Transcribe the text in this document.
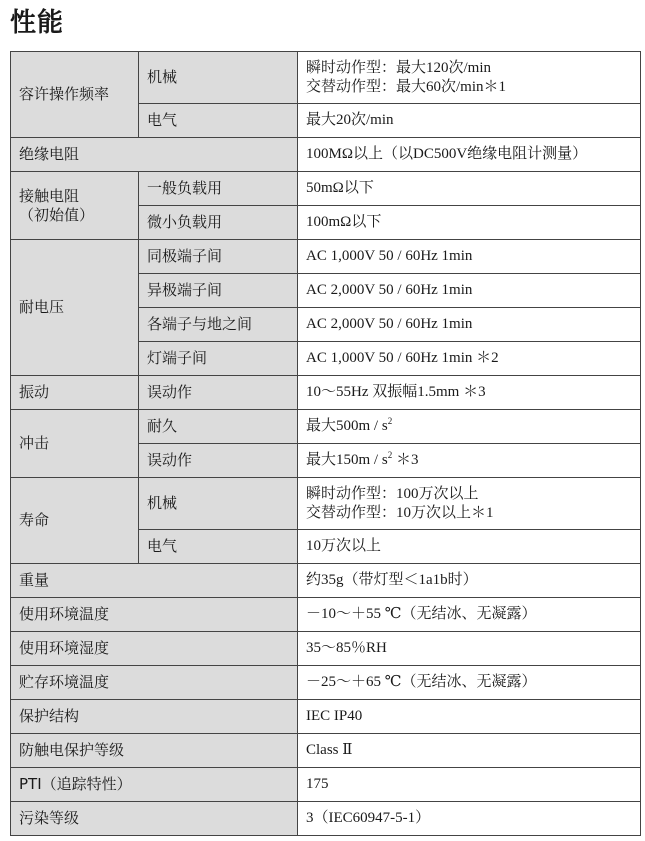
性能
容许操作频率	机械	瞬时动作型：最大120次/min
交替动作型：最大60次/min＊1

	电气	最大20次/min
绝缘电阻		100MΩ以上（以DC500V绝缘电阻计测量）

接触电阻
（初始值）	一般负载用	50mΩ以下
	微小负载用	100mΩ以下
耐电压	同极端子间	AC 1,000V 50 / 60Hz 1min
	异极端子间	AC 2,000V 50 / 60Hz 1min
	各端子与地之间	AC 2,000V 50 / 60Hz 1min
	灯端子间	AC 1,000V 50 / 60Hz 1min ＊2
振动	误动作	10～55Hz 双振幅1.5mm ＊3
冲击	耐久	最大$500m / s^2$
	误动作	最大$150m / s^2$ ＊3
寿命	机械	瞬时动作型：100万次以上
交替动作型：10万次以上＊1

	电气	10万次以上
重量		约35g（带灯型＜1a1b时）
使用环境温度		－10～＋55 ℃（无结冰、无凝露）
使用环境湿度		35～85％RH
贮存环境温度		－25～＋65 ℃（无结冰、无凝露）
保护结构		IEC IP40
防触电保护等级		Class Ⅱ
PTI（追踪特性）		175
污染等级		3（IEC60947-5-1）
